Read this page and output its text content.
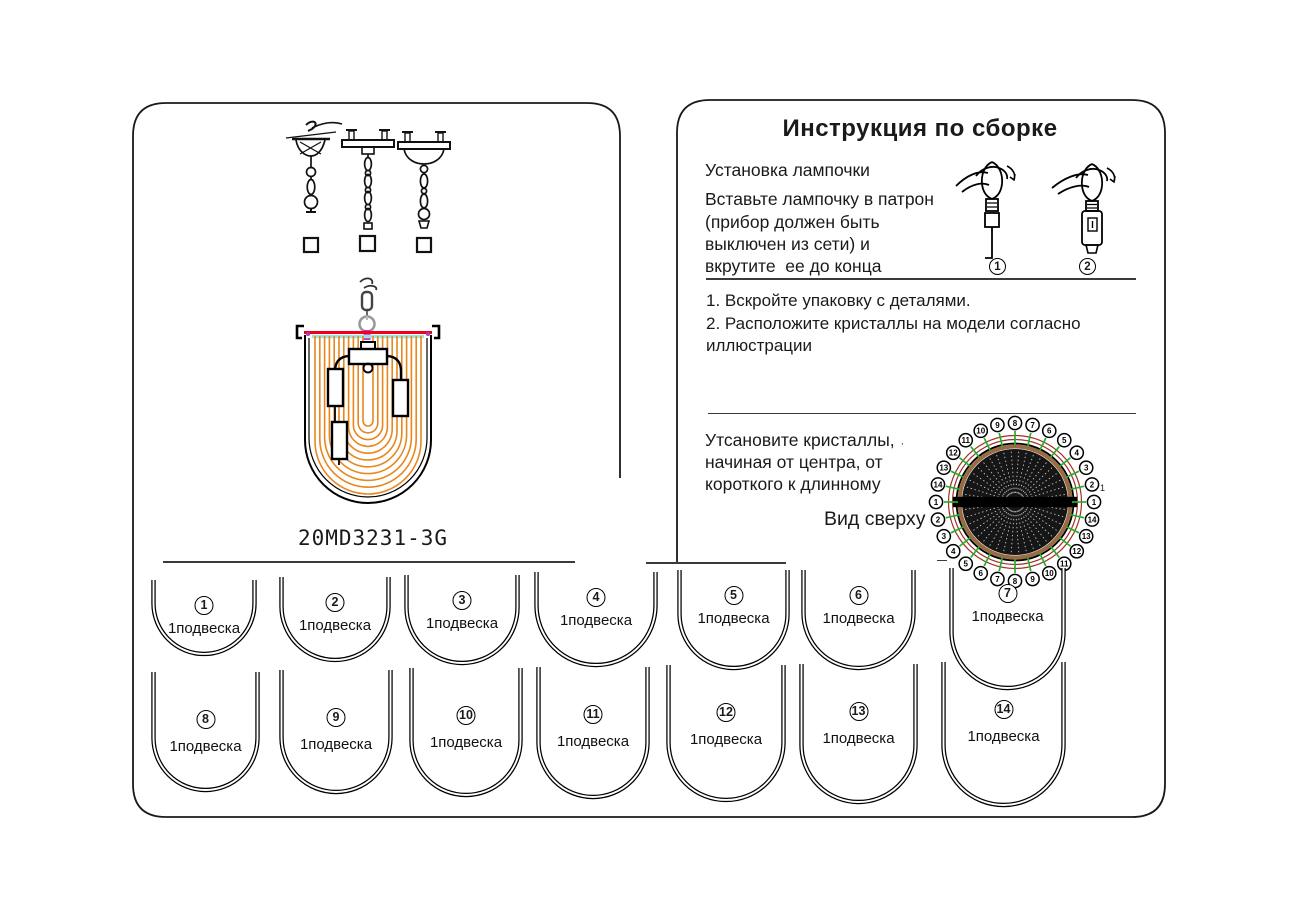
20MD3231-3G
Инструкция по сборке
Установка лампочки
Вставьте лампочку в патрон
(прибор должен быть
выключен из сети) и
вкрутите  ее до конца	1	2
1. Вскройте упаковку с деталями.
2. Расположите кристаллы на модели согласно
иллюстрации
Утсановите кристаллы,
начиная от центра, от
короткого к длинному
,
1
Вид сверху
8 7
6
5
4
3
2
1
14
13
12
11
10
9
8
7
6
5
4
3
2
1
14
13
12
11
10
9
1
1подвеска
2
1подвеска
3
1подвеска
4
1подвеска
5
1подвеска
6
1подвеска
7
1подвеска
8
1подвеска
9
1подвеска
10
1подвеска
11
1подвеска
12
1подвеска
13
1подвеска
14
1подвеска
